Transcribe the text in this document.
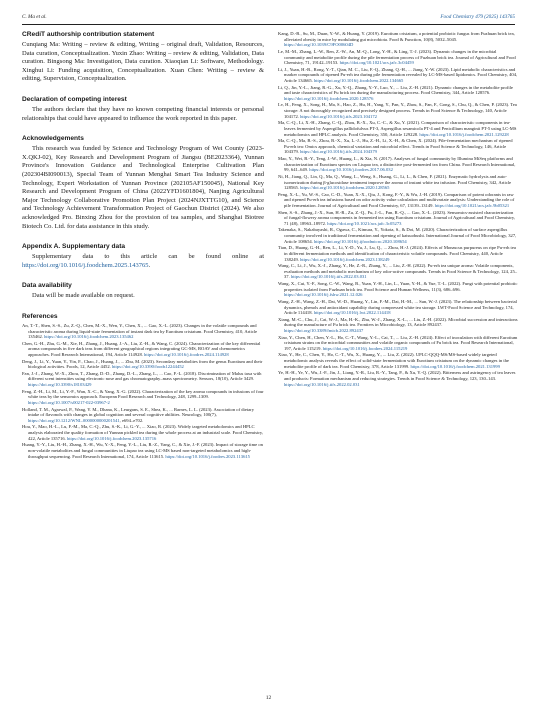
C. Ma et al.	Food Chemistry 479 (2025) 143765
CRediT authorship contribution statement

Cunqiang Ma: Writing – review & editing, Writing – original draft, Validation, Resources, Data curation, Conceptualization. Yuxin Zhao: Writing – review & editing, Validation, Data curation. Bingsong Ma: Investigation, Data curation. Xiaoqian Li: Software, Methodology. Xinghui Li: Funding acquisition, Conceptualization. Xuan Chen: Writing – review & editing, Supervision, Conceptualization.

Declaration of competing interest

The authors declare that they have no known competing financial interests or personal relationships that could have appeared to influence the work reported in this paper.

Acknowledgements

This research was funded by Science and Technology Program of Wei County (2023-X.QKJ-02), Key Research and Development Program of Jiangsu (BE2023364), Yunnan Province's Innovation Guidance and Technological Enterprise Cultivation Plan (202304BI090013), Special Team of Yunnan Menghai Smart Tea Industry Science and Technology, Expert Workstation of Yunnan Province (202105AF150045), National Key Research and Development Program of China (2022YFD1601804), Nanjing Agricultural Major Technology Collaborative Promotion Plan Project (2024NJXTTG10), and Science and Technology Achievement Transformation Project of Gaochun District (2024). We also acknowledged Pro. Binxing Zhou for the provision of tea samples, and Shanghai Biotree Biotech Co. Ltd. for data assistance in this study.

Appendix A. Supplementary data

Supplementary data to this article can be found online at https://doi.org/10.1016/j.foodchem.2025.143765.

Data availability

Data will be made available on request.

References

An, T.-T., Shen, S.-S., Zu, Z.-Q., Chen, M.-X., Wen, Y., Chen, X., ... Gao, X.-L. (2023). Changes in the volatile compounds and characteristic aroma during liquid-state fermentation of instant dark tea by Eurotium cristatum. Food Chemistry, 410, Article 135462. https://doi.org/10.1016/j.foodchem.2023.135462

Chen, G.-H., Zhu, G.-M., Xie, H., Zhang, J., Huang, J.-A., Liu, Z.-H., & Wang, C. (2024). Characterization of the key differential aroma compounds in five dark teas from different geographical regions integrating GC-MS, ROAV and chemometrics approaches. Food Research International, 194, Article 114928. https://doi.org/10.1016/j.foodres.2024.114928

Deng, J., Li, Y., Yuan, Y., Yin, F., Chao, J., Huang, J., ... Zhu, M. (2023). Secondary metabolites from the genus Eurotium and their biological activities. Foods, 12, Article 4452. https://doi.org/10.3390/foods12244452

Fan, J.-J., Zhang, W.-X., Zhou, T., Zhang, D.-D., Zhang, D.-L., Zhang, L., ... Cao, F.-L. (2018). Discrimination of Malus taxa with different scent intensities using electronic nose and gas chromatography–mass spectrometry. Sensors, 18(10), Article 3429. https://doi.org/10.3390/s18103429

Feng, Z.-H., Li, M., Li, Y.-F., Wan, X.-C., & Yang, X.-G. (2022). Characterization of the key aroma compounds in infusions of four white teas by the sensomics approach. European Food Research and Technology, 248, 1299–1309. https://doi.org/10.1007/s00217-022-03967-2

Holland, T. M., Agarwal, P., Wang, Y. M., Dhana, K., Leurgans, S. E., Shea, K., ... Barnes, L. L. (2023). Association of dietary intake of flavonols with changes in global cognition and several cognitive abilities. Neurology, 100(7), https://doi.org/10.1212/WNL.0000000000201541, e694–e702.

Hou, Y., Mao, H.-L., Lu, F.-M., Ma, C.-Q., Zhu, S.-K., Li, G.-Y., ... Xiao, R. (2023). Widely targeted metabolomics and HPLC analysis elaborated the quality formation of Yunnan pickled tea during the whole process at an industrial scale. Food Chemistry, 422, Article 135716. https://doi.org/10.1016/j.foodchem.2023.135716

Huang, Y.-Y., Liu, H.-H., Zhang, X.-H., Wu, Y.-X., Feng, Y.-L., Liu, R.-Z., Yang, C., & Xie, J.-F. (2023). Impact of storage time on non-volatile metabolites and fungal communities in Liupao tea using LC-MS based non-targeted metabolomics and high-throughput sequencing. Food Research International, 174, Article 113615. https://doi.org/10.1016/j.foodres.2023.113615

Kang, D.-B., Su, M., Duan, Y.-W., & Huang, Y. (2019). Eurotium cristatum, a potential probiotic fungus from Fuzhuan brick tea, alleviated obesity in mice by modulating gut microbiota. Food & Function, 10(8), 5032–5045. https://doi.org/10.1039/C9FO00604D

Le, M.-M., Zhang, L.-W., Ren, Z.-W., An, M.-Q., Long, Y.-H., & Ling, T.-J. (2023). Dynamic changes in the microbial community and metabolite profile during the pile fermentation process of Fuzhuan brick tea. Journal of Agricultural and Food Chemistry, 71, 19142–19153. https://doi.org/10.1021/acs.jafc.3c04459

Li, J., Yuan, H.-B., Rong, Y.-T., Qian, M. C., Liu, F.-Q., Zhang, Q.-H., ... Jiang, Y.-W. (2023). Lipid metabolic characteristics and marker compounds of ripened Pu-erh tea during pile fermentation revealed by LC-MS-based lipidomics. Food Chemistry, 404, Article 134665. https://doi.org/10.1016/j.foodchem.2022.134665

Li, Q., Jin, Y.-L., Jiang, R.-G., Xu, Y.-Q., Zhang, Y.-Y., Luo, Y., ... Liu, Z.-H. (2021). Dynamic changes in the metabolite profile and taste characteristics of Fu brick tea during the manufacturing process. Food Chemistry, 344, Article 128576. https://doi.org/10.1016/j.foodchem.2020.128576

Lv, H., Feng, X., Song, H., Ma, S., Hao, Z., Hu, H., Yang, Y., Pan, Y., Zhou, S., Fan, F., Gong, S., Chu, Q., & Chen, P. (2023). Tea storage: A not thoroughly recognized and precisely designed process. Trends in Food Science & Technology, 140, Article 104172. https://doi.org/10.1016/j.tifs.2023.104172

Ma, C.-Q., Li, X.-H., Zhang, C.-Q., Zhou, B.-X., Xu, C.-C., & Xu, Y. (2021). Comparison of characteristic components in tea-leaves fermented by Aspergillus pallidofulvus PT-3, Aspergillus sesamicola PT-4 and Penicillium manginii PT-5 using LC-MS metabolomics and HPLC analysis. Food Chemistry, 350, Article 129228. https://doi.org/10.1016/j.foodchem.2021.129228

Ma, C.-Q., Ma, B.-S., Zhou, B.-X., Xu, L.-J., Hu, Z.-H., Li, X.-H., & Chen, X. (2024). Pile-fermentation mechanism of ripened Pu-erh tea: Omics approach, chemical variation and microbial effect. Trends in Food Science & Technology, 146, Article 104379. https://doi.org/10.1016/j.tifs.2024.104379

Mao, Y., Wei, B.-Y., Teng, J.-W., Huang, L., & Xia, N. (2017). Analyses of fungal community by Illumina MiSeq platforms and characterization of Eurotium species on Liupao tea, a distinctive post-fermented tea from China. Food Research International, 99, 641–649. https://doi.org/10.1016/j.foodres.2017.06.032

Ni, H., Jiang, Q., Lin, Q., Ma, Q., Wang, L., Weng, S., Huang, G., Li, L., & Chen, F. (2021). Enzymatic hydrolysis and auto-isomerization during β-glucosidase treatment improve the aroma of instant white tea infusion. Food Chemistry, 342, Article 128565. https://doi.org/10.1016/j.foodchem.2020.128565

Peng, X.-L., Yu, W.-S., Cao, C.-D., Yuan, X.-X., Qiu, J., Kong, F.-Y., & Wu, J.-H. (2019). Comparison of potent odorants in raw and ripened Pu-erh tea infusions based on odor activity value calculation and multivariate analysis: Understanding the role of pile fermentation. Journal of Agricultural and Food Chemistry, 67, 13139–13149. https://doi.org/10.1021/acs.jafc.9b05321

Shen, S.-S., Zhang, J.-X., Sun, H.-R., Zu, Z.-Q., Fu, J.-L., Fan, R.-Q., ... Gao, X.-L. (2023). Sensomics-assisted characterization of fungal-flowery aroma components in fermented tea using Eurotium cristatum. Journal of Agricultural and Food Chemistry, 71 (48), 18963–18972. https://doi.org/10.1021/acs.jafc.3c05273

Takenaka, S., Nakabayashi, R., Ogawa, C., Kimura, Y., Yokota, S., & Doi, M. (2020). Characterization of surface aspergillus community involved in traditional fermentation and ripening of katsuobushi. International Journal of Food Microbiology, 327, Article 108654. https://doi.org/10.1016/j.ijfoodmicro.2020.108654

Tian, D., Huang, G.-H., Ren, L., Li, Y.-D., Yu, J., Lu, Q., ... Zhou, H.-J. (2024). Effects of Monascus purpureus on ripe Pu-erh tea in different fermentation methods and identification of characteristic volatile compounds. Food Chemistry, 440, Article 138249. https://doi.org/10.1016/j.foodchem.2023.138249

Wang, C., Li, J., Wu, X.-J., Zhang, Y., He, Z.-R., Zhang, Y., ... Liu, Z.-H. (2022). Pu-erh tea unique aroma: Volatile components, evaluation methods and metabolic mechanism of key odor-active compounds. Trends in Food Science & Technology, 124, 25–37. https://doi.org/10.1016/j.tifs.2022.03.031

Wang, X., Cui, Y.-F., Song, C.-W., Wang, B., Yuan, Y.-H., Lin, L., Yuan, Y.-H., & Yue, T.-L. (2022). Fungi with potential probiotic properties isolated from Fuzhuan brick tea. Food Science and Human Wellness, 11(3), 686–696. https://doi.org/10.1016/j.fshw.2021.12.026

Wang, Z.-H., Wang, Z.-H., Dai, W.-D., Huang, Y., Lin, F.-M., Dai, H.-M., ... Sun, W.-J. (2023). The relationship between bacterial dynamics, phenols and antioxidant capability during compressed white tea storage. LWT-Food Science and Technology, 174, Article 114418. https://doi.org/10.1016/j.lwt.2022.114418

Xiang, M.-C., Chu, J., Cai, W.-J., Ma, H.-K., Zhu, W.-J., Zhang, X.-L., ... Liu, Z.-H. (2022). Microbial succession and interactions during the manufacture of Fu brick tea. Frontiers in Microbiology, 13, Article 892437. https://doi.org/10.3389/fmicb.2022.892437

Xiao, Y., Chen, H., Chen, Y.-L., Ho, C.-T., Wang, Y.-L., Cai, T., ... Liu, Z.-H. (2024). Effect of inoculation with different Eurotium cristatum strains on the microbial communities and volatile organic compounds of Fu brick tea. Food Research International, 197, Article 115219. https://doi.org/10.1016/j.foodres.2024.115219

Xiao, Y., He, C., Chen, Y., Ho, C.-T., Wu, X., Huang, Y., ... Liu, Z. (2022). UPLC-QQQ-MS/MS-based widely targeted metabolomic analysis reveals the effect of solid-state fermentation with Eurotium cristatum on the dynamic changes in the metabolite profile of dark tea. Food Chemistry, 378, Article 131999. https://doi.org/10.1016/j.foodchem.2021.131999

Ye, H.-H., Ye, Y., Wu, J.-F., Jin, J., Liang, Y.-R., Liu, R.-Y., Tang, P., & Xu, Y.-Q. (2022). Bitterness and astringency of tea leaves and products: Formation mechanism and reducing strategies. Trends in Food Science & Technology, 123, 130–143. https://doi.org/10.1016/j.tifs.2022.02.031

12
